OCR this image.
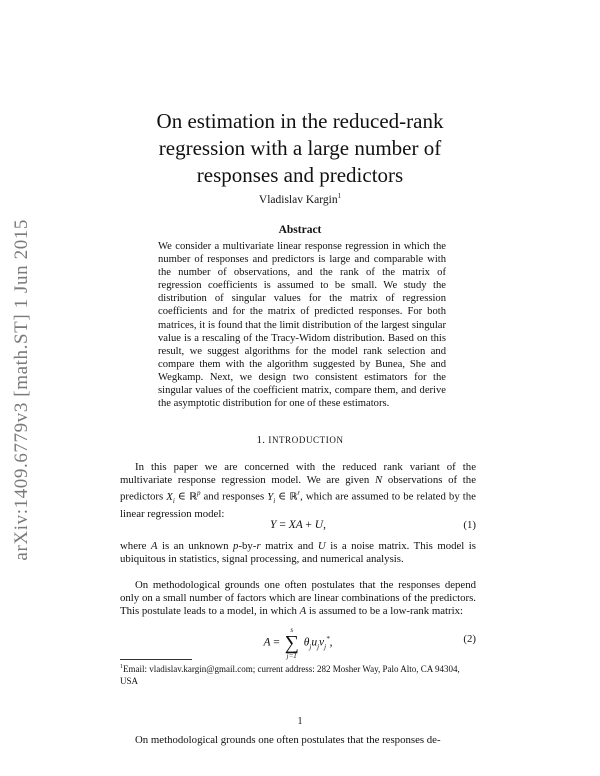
arXiv:1409.6779v3 [math.ST] 1 Jun 2015
On estimation in the reduced-rank
regression with a large number of
responses and predictors
Vladislav Kargin$^1$
Abstract
We consider a multivariate linear response regression in which the number of responses and predictors is large and comparable with the number of observations, and the rank of the matrix of regression coefficients is assumed to be small. We study the distribution of singular values for the matrix of regression coefficients and for the matrix of predicted responses. For both matrices, it is found that the limit distribution of the largest singular value is a rescaling of the Tracy-Widom distribution. Based on this result, we suggest algorithms for the model rank selection and compare them with the algorithm suggested by Bunea, She and Wegkamp. Next, we design two consistent estimators for the singular values of the coefficient matrix, compare them, and derive the asymptotic distribution for one of these estimators.
1. INTRODUCTION
In this paper we are concerned with the reduced rank variant of the multivariate response regression model. We are given N observations of the predictors $X_i$ ∈ ℝ$^p$ and responses $Y_i$ ∈ ℝ$^r$, which are assumed to be related by the linear regression model:
Y = XA + U,	(1)
where A is an unknown p-by-r matrix and U is a noise matrix. This model is ubiquitous in statistics, signal processing, and numerical analysis.
On methodological grounds one often postulates that the responses depend only on a small number of factors which are linear combinations of the predictors. This postulate leads to a model, in which A is assumed to be a low-rank matrix:
A =
s
∑
j=1
$\theta_ju_jv_j^*$,	(2)
$^1$Email: vladislav.kargin@gmail.com; current address: 282 Mosher Way, Palo Alto, CA 94304, USA
1
On methodological grounds one often postulates that the responses de-
